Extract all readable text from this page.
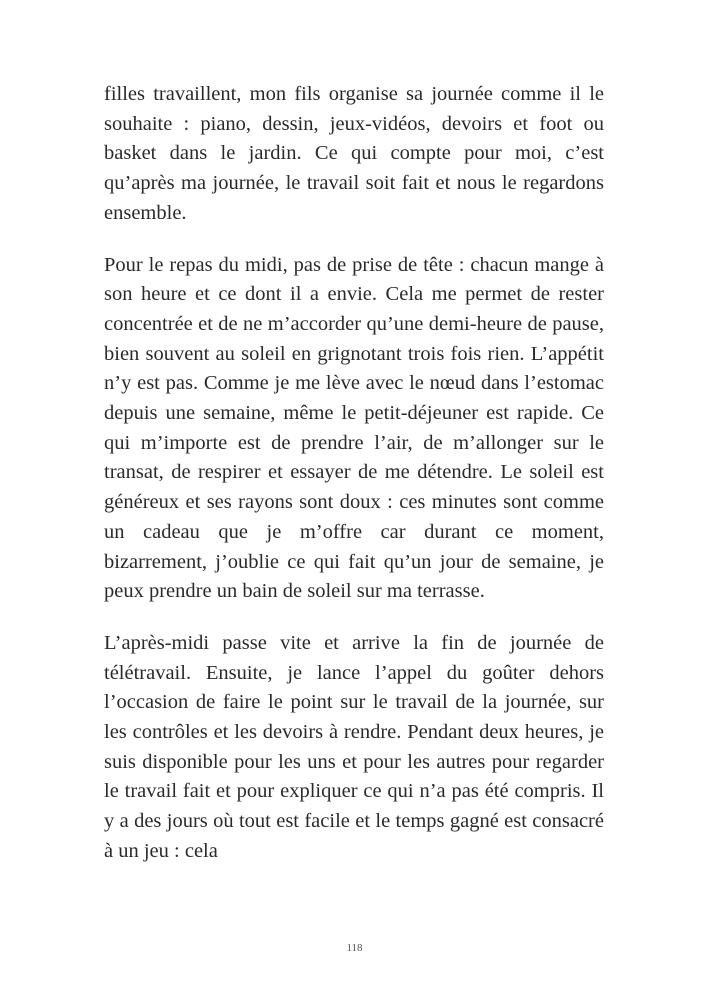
filles travaillent, mon fils organise sa journée comme il le souhaite : piano, dessin, jeux-vidéos, devoirs et foot ou basket dans le jardin. Ce qui compte pour moi, c’est qu’après ma journée, le travail soit fait et nous le regardons ensemble.

Pour le repas du midi, pas de prise de tête : chacun mange à son heure et ce dont il a envie. Cela me permet de rester concentrée et de ne m’accorder qu’une demi-heure de pause, bien souvent au soleil en grignotant trois fois rien. L’appétit n’y est pas. Comme je me lève avec le nœud dans l’estomac depuis une semaine, même le petit-déjeuner est rapide. Ce qui m’importe est de prendre l’air, de m’allonger sur le transat, de respirer et essayer de me détendre. Le soleil est généreux et ses rayons sont doux : ces minutes sont comme un cadeau que je m’offre car durant ce moment, bizarrement, j’oublie ce qui fait qu’un jour de semaine, je peux prendre un bain de soleil sur ma terrasse.

L’après-midi passe vite et arrive la fin de journée de télétravail. Ensuite, je lance l’appel du goûter dehors l’occasion de faire le point sur le travail de la journée, sur les contrôles et les devoirs à rendre. Pendant deux heures, je suis disponible pour les uns et pour les autres pour regarder le travail fait et pour expliquer ce qui n’a pas été compris. Il y a des jours où tout est facile et le temps gagné est consacré à un jeu : cela

118
